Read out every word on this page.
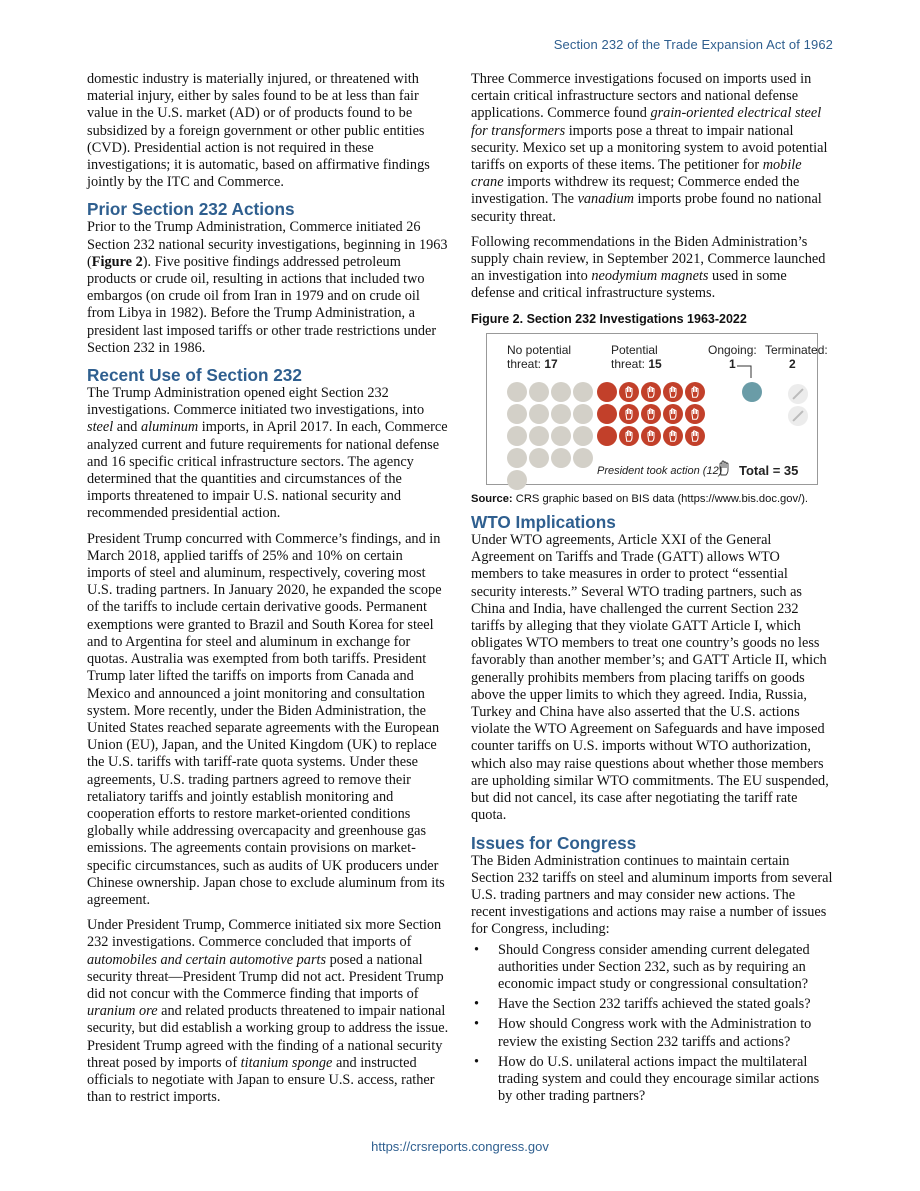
Section 232 of the Trade Expansion Act of 1962

domestic industry is materially injured, or threatened with material injury, either by sales found to be at less than fair value in the U.S. market (AD) or of products found to be subsidized by a foreign government or other public entities (CVD). Presidential action is not required in these investigations; it is automatic, based on affirmative findings jointly by the ITC and Commerce.

Prior Section 232 Actions

Prior to the Trump Administration, Commerce initiated 26 Section 232 national security investigations, beginning in 1963 (Figure 2). Five positive findings addressed petroleum products or crude oil, resulting in actions that included two embargos (on crude oil from Iran in 1979 and on crude oil from Libya in 1982). Before the Trump Administration, a president last imposed tariffs or other trade restrictions under Section 232 in 1986.

Recent Use of Section 232

The Trump Administration opened eight Section 232 investigations. Commerce initiated two investigations, into steel and aluminum imports, in April 2017. In each, Commerce analyzed current and future requirements for national defense and 16 specific critical infrastructure sectors. The agency determined that the quantities and circumstances of the imports threatened to impair U.S. national security and recommended presidential action.

President Trump concurred with Commerce’s findings, and in March 2018, applied tariffs of 25% and 10% on certain imports of steel and aluminum, respectively, covering most U.S. trading partners. In January 2020, he expanded the scope of the tariffs to include certain derivative goods. Permanent exemptions were granted to Brazil and South Korea for steel and to Argentina for steel and aluminum in exchange for quotas. Australia was exempted from both tariffs. President Trump later lifted the tariffs on imports from Canada and Mexico and announced a joint monitoring and consultation system. More recently, under the Biden Administration, the United States reached separate agreements with the European Union (EU), Japan, and the United Kingdom (UK) to replace the U.S. tariffs with tariff-rate quota systems. Under these agreements, U.S. trading partners agreed to remove their retaliatory tariffs and jointly establish monitoring and cooperation efforts to restore market-oriented conditions globally while addressing overcapacity and greenhouse gas emissions. The agreements contain provisions on market-specific circumstances, such as audits of UK producers under Chinese ownership. Japan chose to exclude aluminum from its agreement.

Under President Trump, Commerce initiated six more Section 232 investigations. Commerce concluded that imports of automobiles and certain automotive parts posed a national security threat—President Trump did not act. President Trump did not concur with the Commerce finding that imports of uranium ore and related products threatened to impair national security, but did establish a working group to address the issue. President Trump agreed with the finding of a national security threat posed by imports of titanium sponge and instructed officials to negotiate with Japan to ensure U.S. access, rather than to restrict imports.

Three Commerce investigations focused on imports used in certain critical infrastructure sectors and national defense applications. Commerce found grain-oriented electrical steel for transformers imports pose a threat to impair national security. Mexico set up a monitoring system to avoid potential tariffs on exports of these items. The petitioner for mobile crane imports withdrew its request; Commerce ended the investigation. The vanadium imports probe found no national security threat.

Following recommendations in the Biden Administration’s supply chain review, in September 2021, Commerce launched an investigation into neodymium magnets used in some defense and critical infrastructure systems.

Figure 2. Section 232 Investigations 1963-2022
No potential
threat: 17
Potential
threat: 15
Ongoing:
1
Terminated:
2
President took action (12) Total = 35
Source: CRS graphic based on BIS data (https://www.bis.doc.gov/).
WTO Implications

Under WTO agreements, Article XXI of the General Agreement on Tariffs and Trade (GATT) allows WTO members to take measures in order to protect “essential security interests.” Several WTO trading partners, such as China and India, have challenged the current Section 232 tariffs by alleging that they violate GATT Article I, which obligates WTO members to treat one country’s goods no less favorably than another member’s; and GATT Article II, which generally prohibits members from placing tariffs on goods above the upper limits to which they agreed. India, Russia, Turkey and China have also asserted that the U.S. actions violate the WTO Agreement on Safeguards and have imposed counter tariffs on U.S. imports without WTO authorization, which also may raise questions about whether those members are upholding similar WTO commitments. The EU suspended, but did not cancel, its case after negotiating the tariff rate quota.

Issues for Congress

The Biden Administration continues to maintain certain Section 232 tariffs on steel and aluminum imports from several U.S. trading partners and may consider new actions. The recent investigations and actions may raise a number of issues for Congress, including:

• Should Congress consider amending current delegated authorities under Section 232, such as by requiring an economic impact study or congressional consultation?
• Have the Section 232 tariffs achieved the stated goals?
• How should Congress work with the Administration to review the existing Section 232 tariffs and actions?
• How do U.S. unilateral actions impact the multilateral trading system and could they encourage similar actions by other trading partners?
https://crsreports.congress.gov
